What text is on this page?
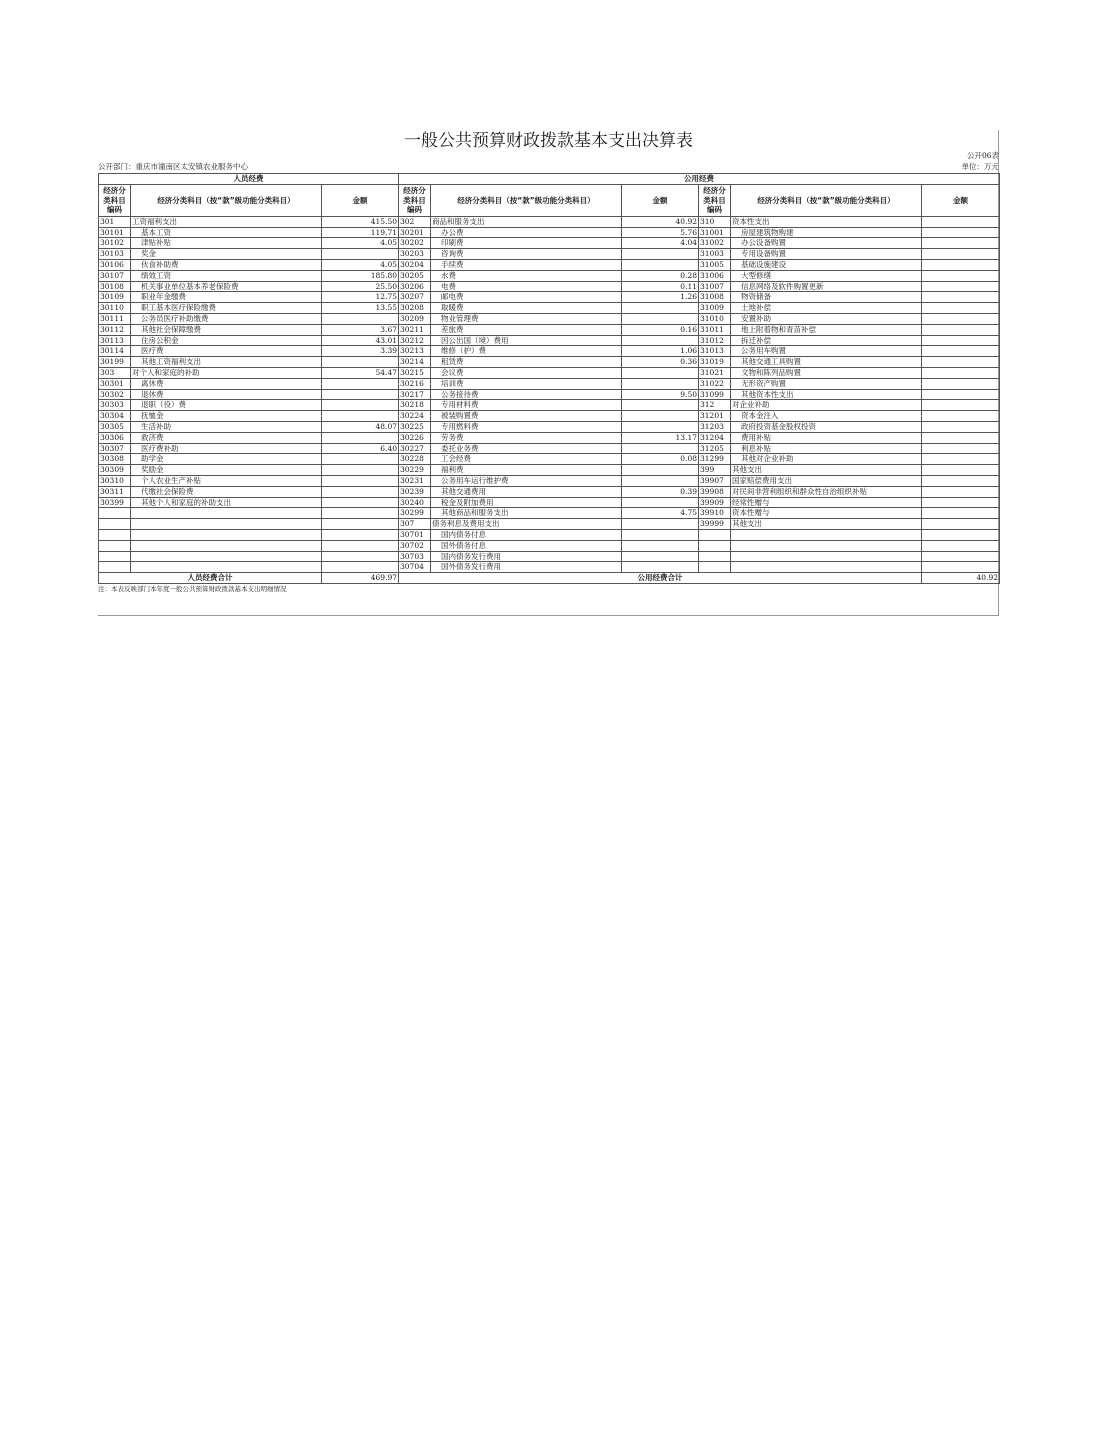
一般公共预算财政拨款基本支出决算表
公开06表
公开部门：重庆市潼南区太安镇农业服务中心	单位：万元
人员经费			公用经费					
经济分类科目编码	经济分类科目（按“款”级功能分类科目）	金额	经济分类科目编码	经济分类科目（按“款”级功能分类科目）	金额	经济分类科目编码	经济分类科目（按“款”级功能分类科目）	金额
301	工资福利支出	415.50	302	商品和服务支出	40.92	310	资本性支出	
30101	基本工资	119.71	30201	办公费	5.76	31001	房屋建筑物购建	
30102	津贴补贴	4.05	30202	印刷费	4.04	31002	办公设备购置	
30103	奖金		30203	咨询费		31003	专用设备购置	
30106	伙食补助费	4.05	30204	手续费		31005	基础设施建设	
30107	绩效工资	185.80	30205	水费	0.28	31006	大型修缮	
30108	机关事业单位基本养老保险费	25.50	30206	电费	0.11	31007	信息网络及软件购置更新	
30109	职业年金缴费	12.75	30207	邮电费	1.26	31008	物资储备	
30110	职工基本医疗保险缴费	13.55	30208	取暖费		31009	土地补偿	
30111	公务员医疗补助缴费		30209	物业管理费		31010	安置补助	
30112	其他社会保障缴费	3.67	30211	差旅费	0.16	31011	地上附着物和青苗补偿	
30113	住房公积金	43.01	30212	因公出国（境）费用		31012	拆迁补偿	
30114	医疗费	3.39	30213	维修（护）费	1.06	31013	公务用车购置	
30199	其他工资福利支出		30214	租赁费	0.36	31019	其他交通工具购置	
303	对个人和家庭的补助	54.47	30215	会议费		31021	文物和陈列品购置	
30301	离休费		30216	培训费		31022	无形资产购置	
30302	退休费		30217	公务接待费	9.50	31099	其他资本性支出	
30303	退职（役）费		30218	专用材料费		312	对企业补助	
30304	抚恤金		30224	被装购置费		31201	资本金注入	
30305	生活补助	48.07	30225	专用燃料费		31203	政府投资基金股权投资	
30306	救济费		30226	劳务费	13.17	31204	费用补贴	
30307	医疗费补助	6.40	30227	委托业务费		31205	利息补贴	
30308	助学金		30228	工会经费	0.08	31299	其他对企业补助	
30309	奖励金		30229	福利费		399	其他支出	
30310	个人农业生产补贴		30231	公务用车运行维护费		39907	国家赔偿费用支出	
30311	代缴社会保险费		30239	其他交通费用	0.39	39908	对民间非营利组织和群众性自治组织补贴	
30399	其他个人和家庭的补助支出		30240	税金及附加费用		39909	经常性赠与	
			30299	其他商品和服务支出	4.75	39910	资本性赠与	
			307	债务利息及费用支出		39999	其他支出	
			30701	国内债务付息				
			30702	国外债务付息				
			30703	国内债务发行费用				
			30704	国外债务发行费用				
人员经费合计		469.97	公用经费合计					40.92
注：本表反映部门本年度一般公共预算财政拨款基本支出明细情况
